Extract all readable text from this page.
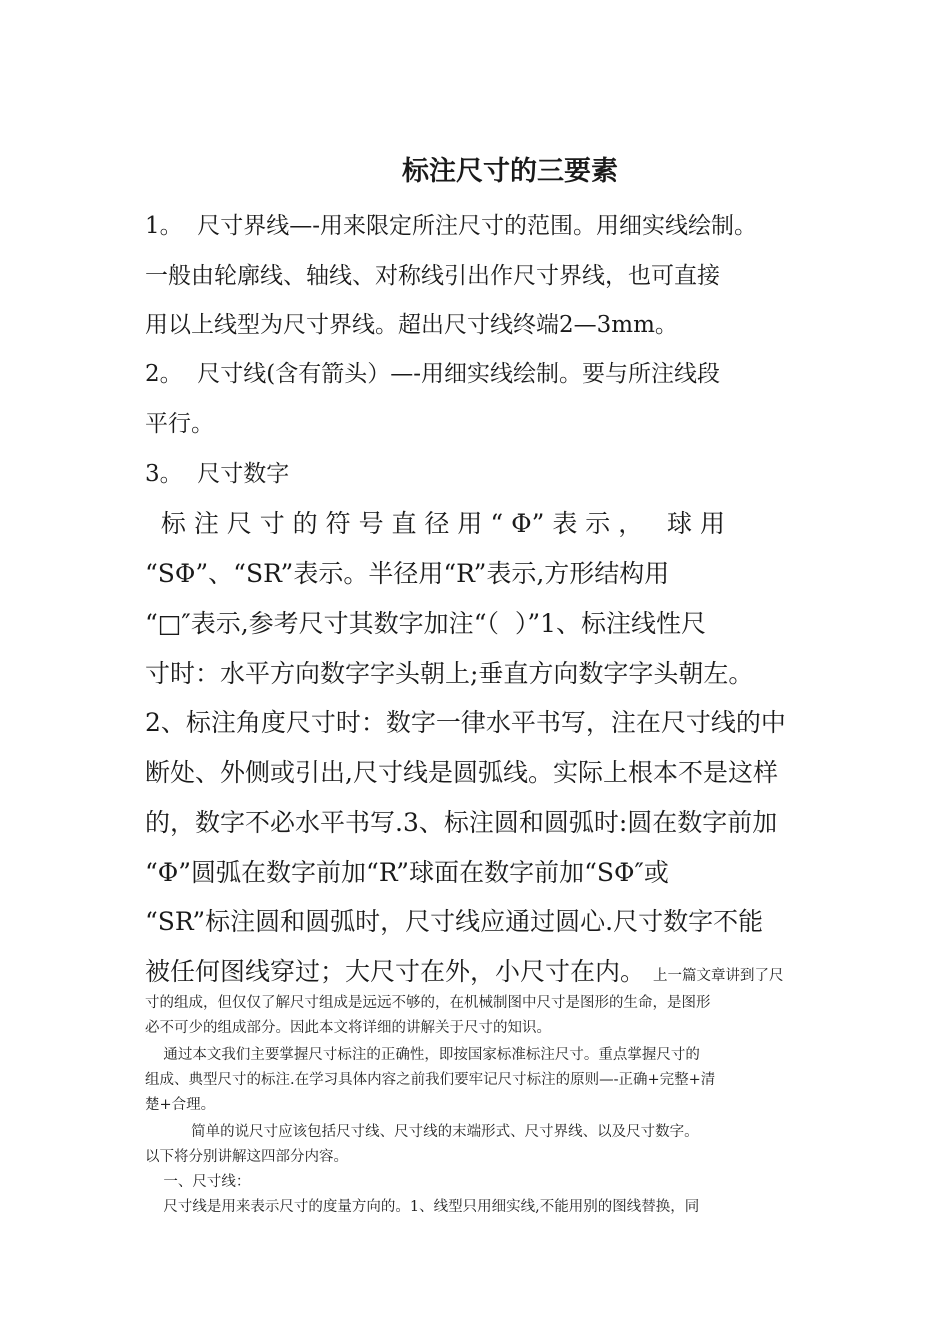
标注尺寸的三要素
1。  尺寸界线—-用来限定所注尺寸的范围。用细实线绘制。
一般由轮廓线、轴线、对称线引出作尺寸界线，也可直接
用以上线型为尺寸界线。超出尺寸线终端2—3mm。
2。  尺寸线(含有箭头）—-用细实线绘制。要与所注线段
平行。
3。  尺寸数字
标 注 尺 寸 的 符 号 直 径 用 “ Φ” 表 示 ，   球 用
“SΦ”、“SR”表示。半径用“R”表示,方形结构用
“□″表示,参考尺寸其数字加注“（  ）”1、标注线性尺
寸时：水平方向数字字头朝上;垂直方向数字字头朝左。
2、标注角度尺寸时：数字一律水平书写，注在尺寸线的中
断处、外侧或引出,尺寸线是圆弧线。实际上根本不是这样
的，数字不必水平书写.3、标注圆和圆弧时:圆在数字前加
“Φ”圆弧在数字前加“R”球面在数字前加“SΦ″或
“SR”标注圆和圆弧时，尺寸线应通过圆心.尺寸数字不能
被任何图线穿过；大尺寸在外，小尺寸在内。 上一篇文章讲到了尺
寸的组成，但仅仅了解尺寸组成是远远不够的，在机械制图中尺寸是图形的生命，是图形
必不可少的组成部分。因此本文将详细的讲解关于尺寸的知识。
通过本文我们主要掌握尺寸标注的正确性，即按国家标准标注尺寸。重点掌握尺寸的
组成、典型尺寸的标注.在学习具体内容之前我们要牢记尺寸标注的原则—-正确+完整+清
楚+合理。
简单的说尺寸应该包括尺寸线、尺寸线的末端形式、尺寸界线、以及尺寸数字。
以下将分别讲解这四部分内容。
一、尺寸线：
尺寸线是用来表示尺寸的度量方向的。1、线型只用细实线,不能用别的图线替换，同
